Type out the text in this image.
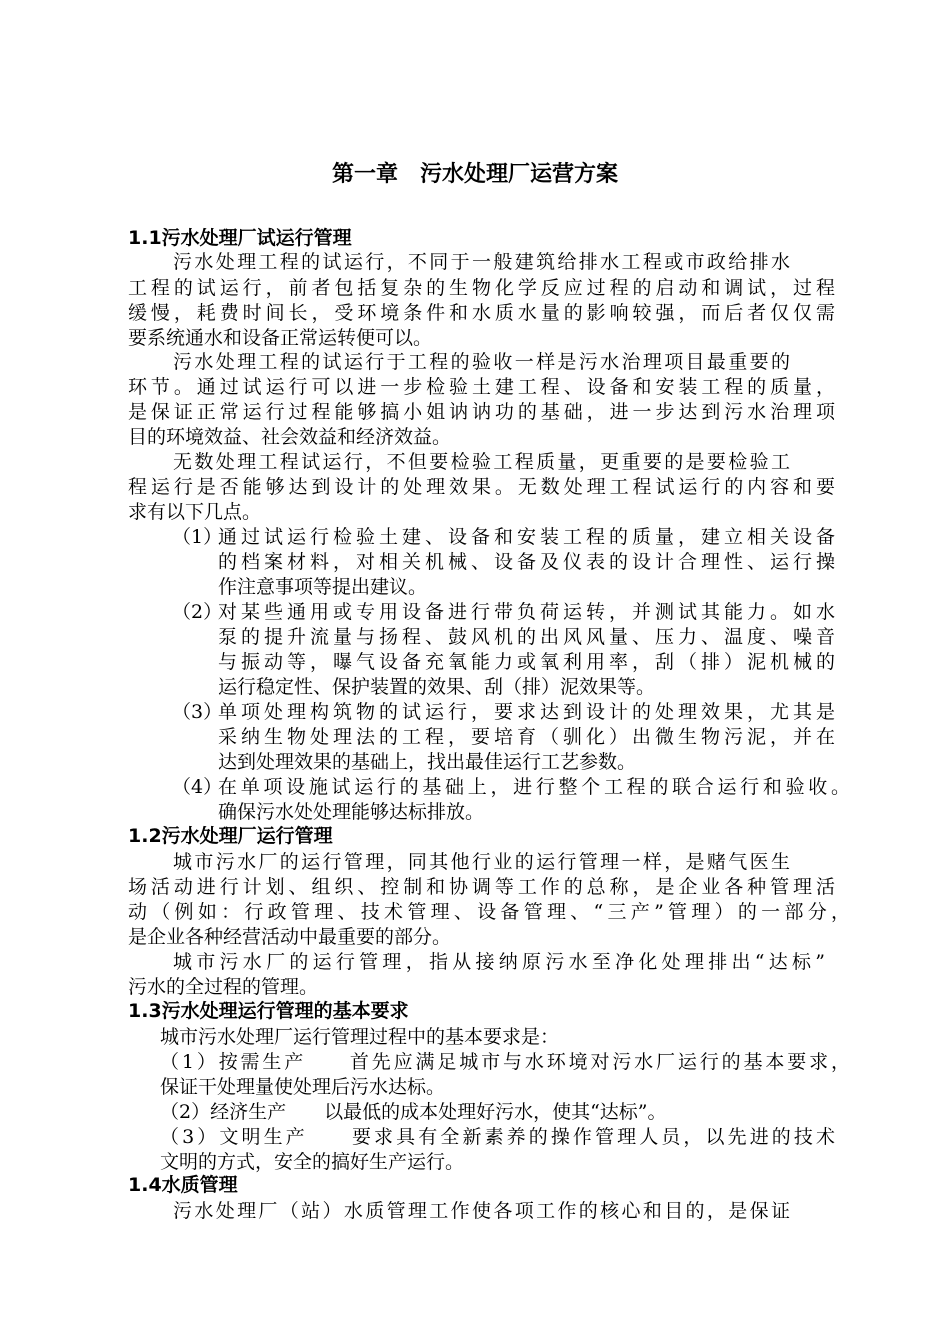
第一章　污水处理厂运营方案
1.1污水处理厂试运行管理
污水处理工程的试运行，不同于一般建筑给排水工程或市政给排水
工程的试运行，前者包括复杂的生物化学反应过程的启动和调试，过程
缓慢，耗费时间长，受环境条件和水质水量的影响较强，而后者仅仅需
要系统通水和设备正常运转便可以。
污水处理工程的试运行于工程的验收一样是污水治理项目最重要的
环节。通过试运行可以进一步检验土建工程、设备和安装工程的质量，
是保证正常运行过程能够搞小姐讷讷功的基础，进一步达到污水治理项
目的环境效益、社会效益和经济效益。
无数处理工程试运行，不但要检验工程质量，更重要的是要检验工
程运行是否能够达到设计的处理效果。无数处理工程试运行的内容和要
求有以下几点。
（1）
通过试运行检验土建、设备和安装工程的质量，建立相关设备
的档案材料，对相关机械、设备及仪表的设计合理性、运行操
作注意事项等提出建议。
（2）
对某些通用或专用设备进行带负荷运转，并测试其能力。如水
泵的提升流量与扬程、鼓风机的出风风量、压力、温度、噪音
与振动等，曝气设备充氧能力或氧利用率，刮（排）泥机械的
运行稳定性、保护装置的效果、刮（排）泥效果等。
（3）
单项处理构筑物的试运行，要求达到设计的处理效果，尤其是
采纳生物处理法的工程，要培育（驯化）出微生物污泥，并在
达到处理效果的基础上，找出最佳运行工艺参数。
（4）
在单项设施试运行的基础上，进行整个工程的联合运行和验收。
确保污水处处理能够达标排放。
1.2污水处理厂运行管理
城市污水厂的运行管理，同其他行业的运行管理一样，是赌气医生
场活动进行计划、组织、控制和协调等工作的总称，是企业各种管理活
动（例如：行政管理、技术管理、设备管理、“三产”管理）的一部分，
是企业各种经营活动中最重要的部分。
城市污水厂的运行管理，指从接纳原污水至净化处理排出“达标”
污水的全过程的管理。
1.3污水处理运行管理的基本要求
城市污水处理厂运行管理过程中的基本要求是：
（1）按需生产　　首先应满足城市与水环境对污水厂运行的基本要求，
保证干处理量使处理后污水达标。
（2）经济生产　　以最低的成本处理好污水，使其“达标”。
（3）文明生产　　要求具有全新素养的操作管理人员，以先进的技术
文明的方式，安全的搞好生产运行。
1.4水质管理
污水处理厂（站）水质管理工作使各项工作的核心和目的，是保证
